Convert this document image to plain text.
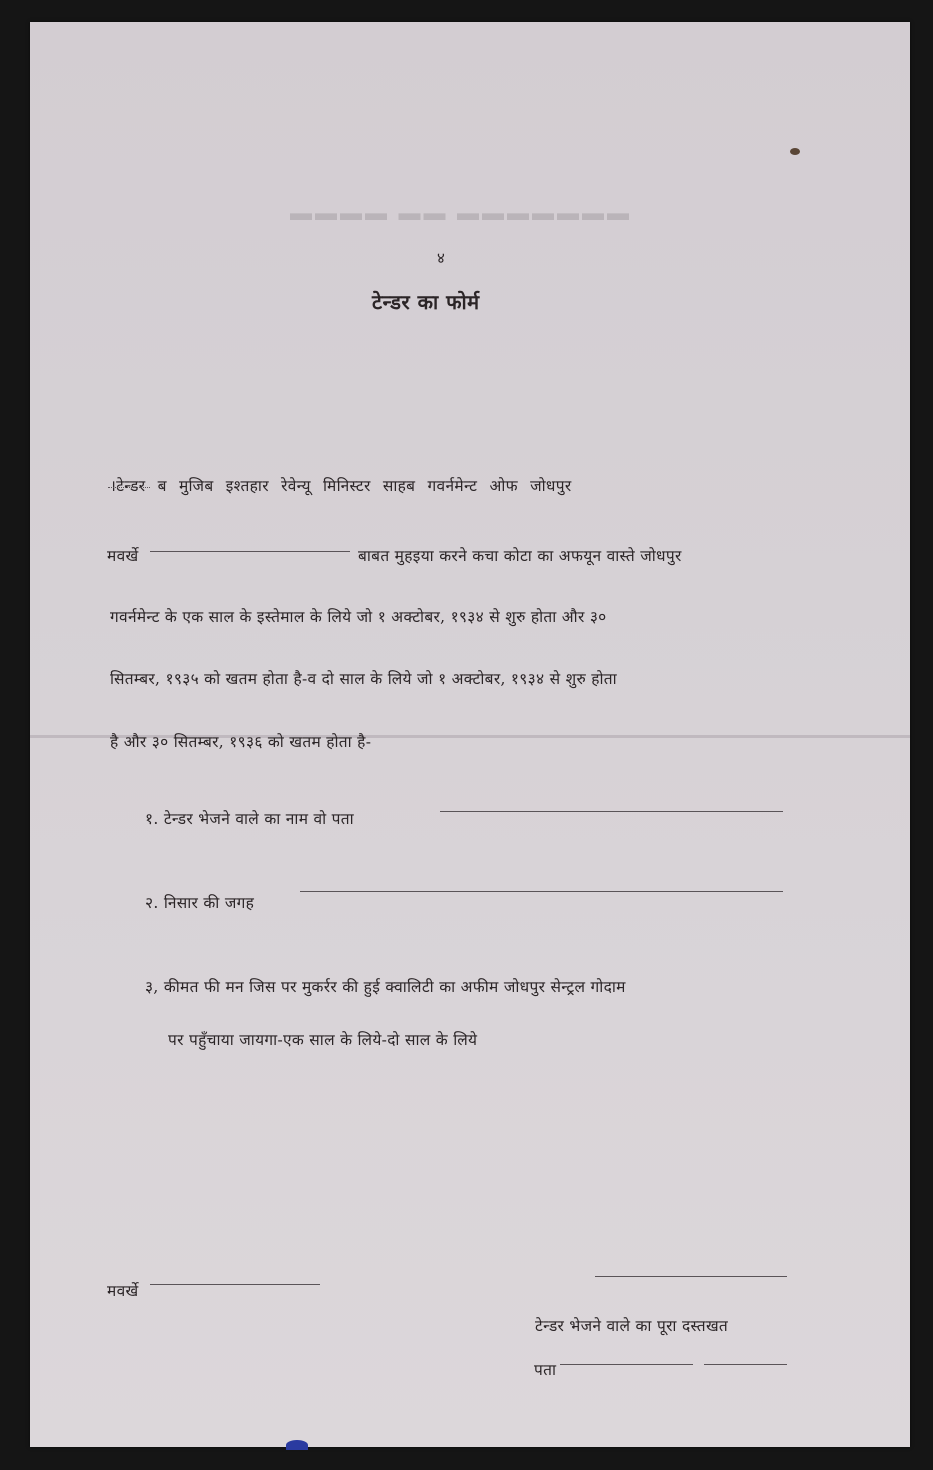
▬▬▬▬ ▬▬ ▬▬▬▬▬▬▬
४
टेन्डर का फोर्म
।टेन्डर ब मुजिब इश्तहार रेवेन्यू मिनिस्टर साहब गवर्नमेन्ट ओफ जोधपुर
मवर्खे	बाबत मुहइया करने कचा कोटा का अफयून वास्ते जोधपुर
गवर्नमेन्ट के एक साल के इस्तेमाल के लिये जो १ अक्टोबर, १९३४ से शुरु होता और ३०
सितम्बर, १९३५ को खतम होता है-व दो साल के लिये जो १ अक्टोबर, १९३४ से शुरु होता
है और ३० सितम्बर, १९३६ को खतम होता है-
१. टेन्डर भेजने वाले का नाम वो पता
२. निसार की जगह
३, कीमत फी मन जिस पर मुकर्रर की हुई क्वालिटी का अफीम जोधपुर सेन्ट्रल गोदाम
पर पहुँचाया जायगा-एक साल के लिये-दो साल के लिये
मवर्खे
टेन्डर भेजने वाले का पूरा दस्तखत
पता
